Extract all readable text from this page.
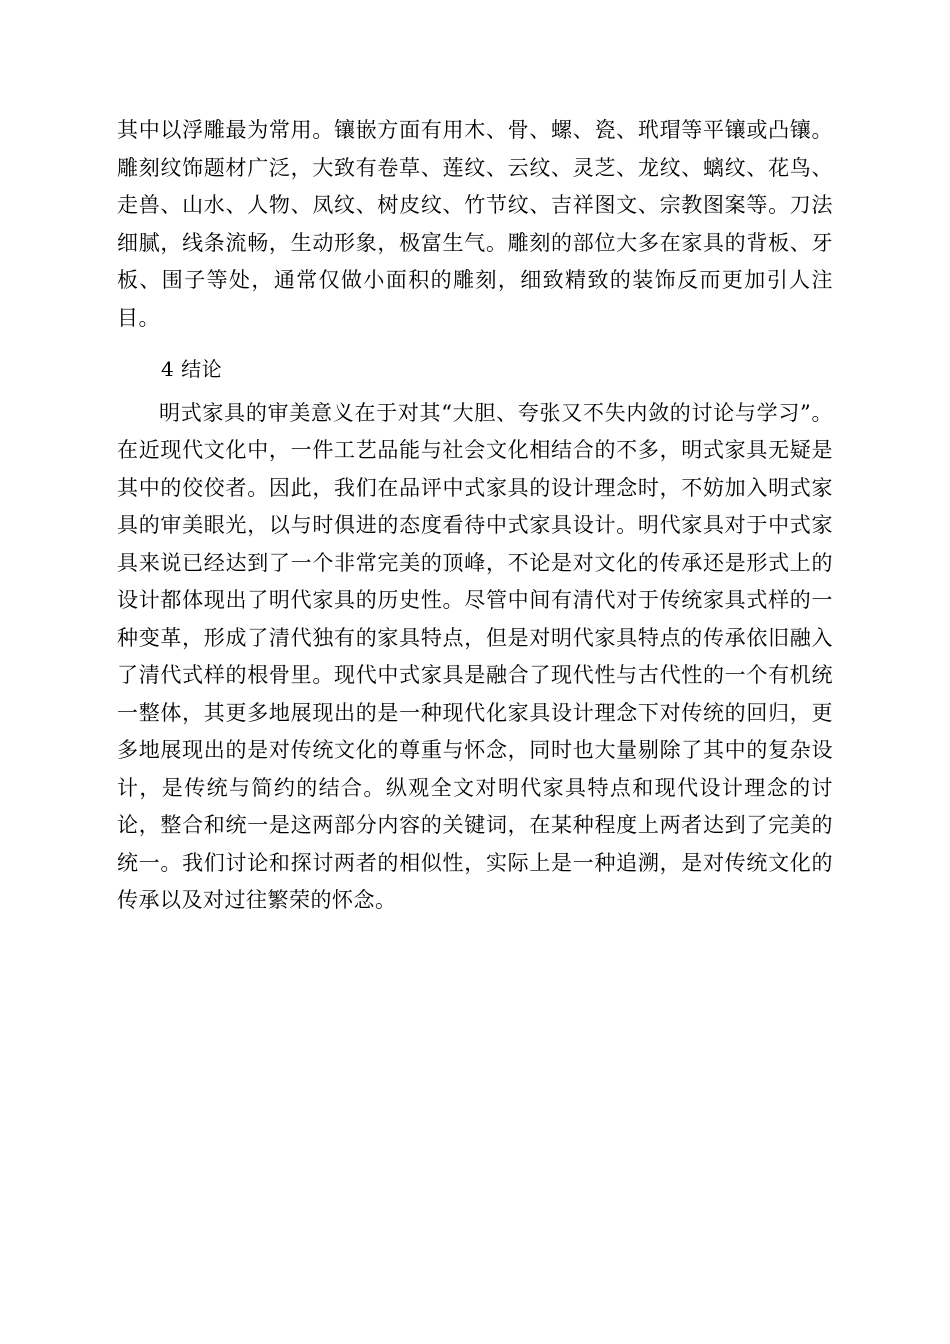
其中以浮雕最为常用。镶嵌方面有用木、骨、螺、瓷、玳瑁等平镶或凸镶。雕刻纹饰题材广泛，大致有卷草、莲纹、云纹、灵芝、龙纹、螭纹、花鸟、走兽、山水、人物、凤纹、树皮纹、竹节纹、吉祥图文、宗教图案等。刀法细腻，线条流畅，生动形象，极富生气。雕刻的部位大多在家具的背板、牙板、围子等处，通常仅做小面积的雕刻，细致精致的装饰反而更加引人注目。

4 结论

明式家具的审美意义在于对其“大胆、夸张又不失内敛的讨论与学习”。在近现代文化中，一件工艺品能与社会文化相结合的不多，明式家具无疑是其中的佼佼者。因此，我们在品评中式家具的设计理念时，不妨加入明式家具的审美眼光，以与时俱进的态度看待中式家具设计。明代家具对于中式家具来说已经达到了一个非常完美的顶峰，不论是对文化的传承还是形式上的设计都体现出了明代家具的历史性。尽管中间有清代对于传统家具式样的一种变革，形成了清代独有的家具特点，但是对明代家具特点的传承依旧融入了清代式样的根骨里。现代中式家具是融合了现代性与古代性的一个有机统一整体，其更多地展现出的是一种现代化家具设计理念下对传统的回归，更多地展现出的是对传统文化的尊重与怀念，同时也大量剔除了其中的复杂设计，是传统与简约的结合。纵观全文对明代家具特点和现代设计理念的讨论，整合和统一是这两部分内容的关键词，在某种程度上两者达到了完美的统一。我们讨论和探讨两者的相似性，实际上是一种追溯，是对传统文化的传承以及对过往繁荣的怀念。
